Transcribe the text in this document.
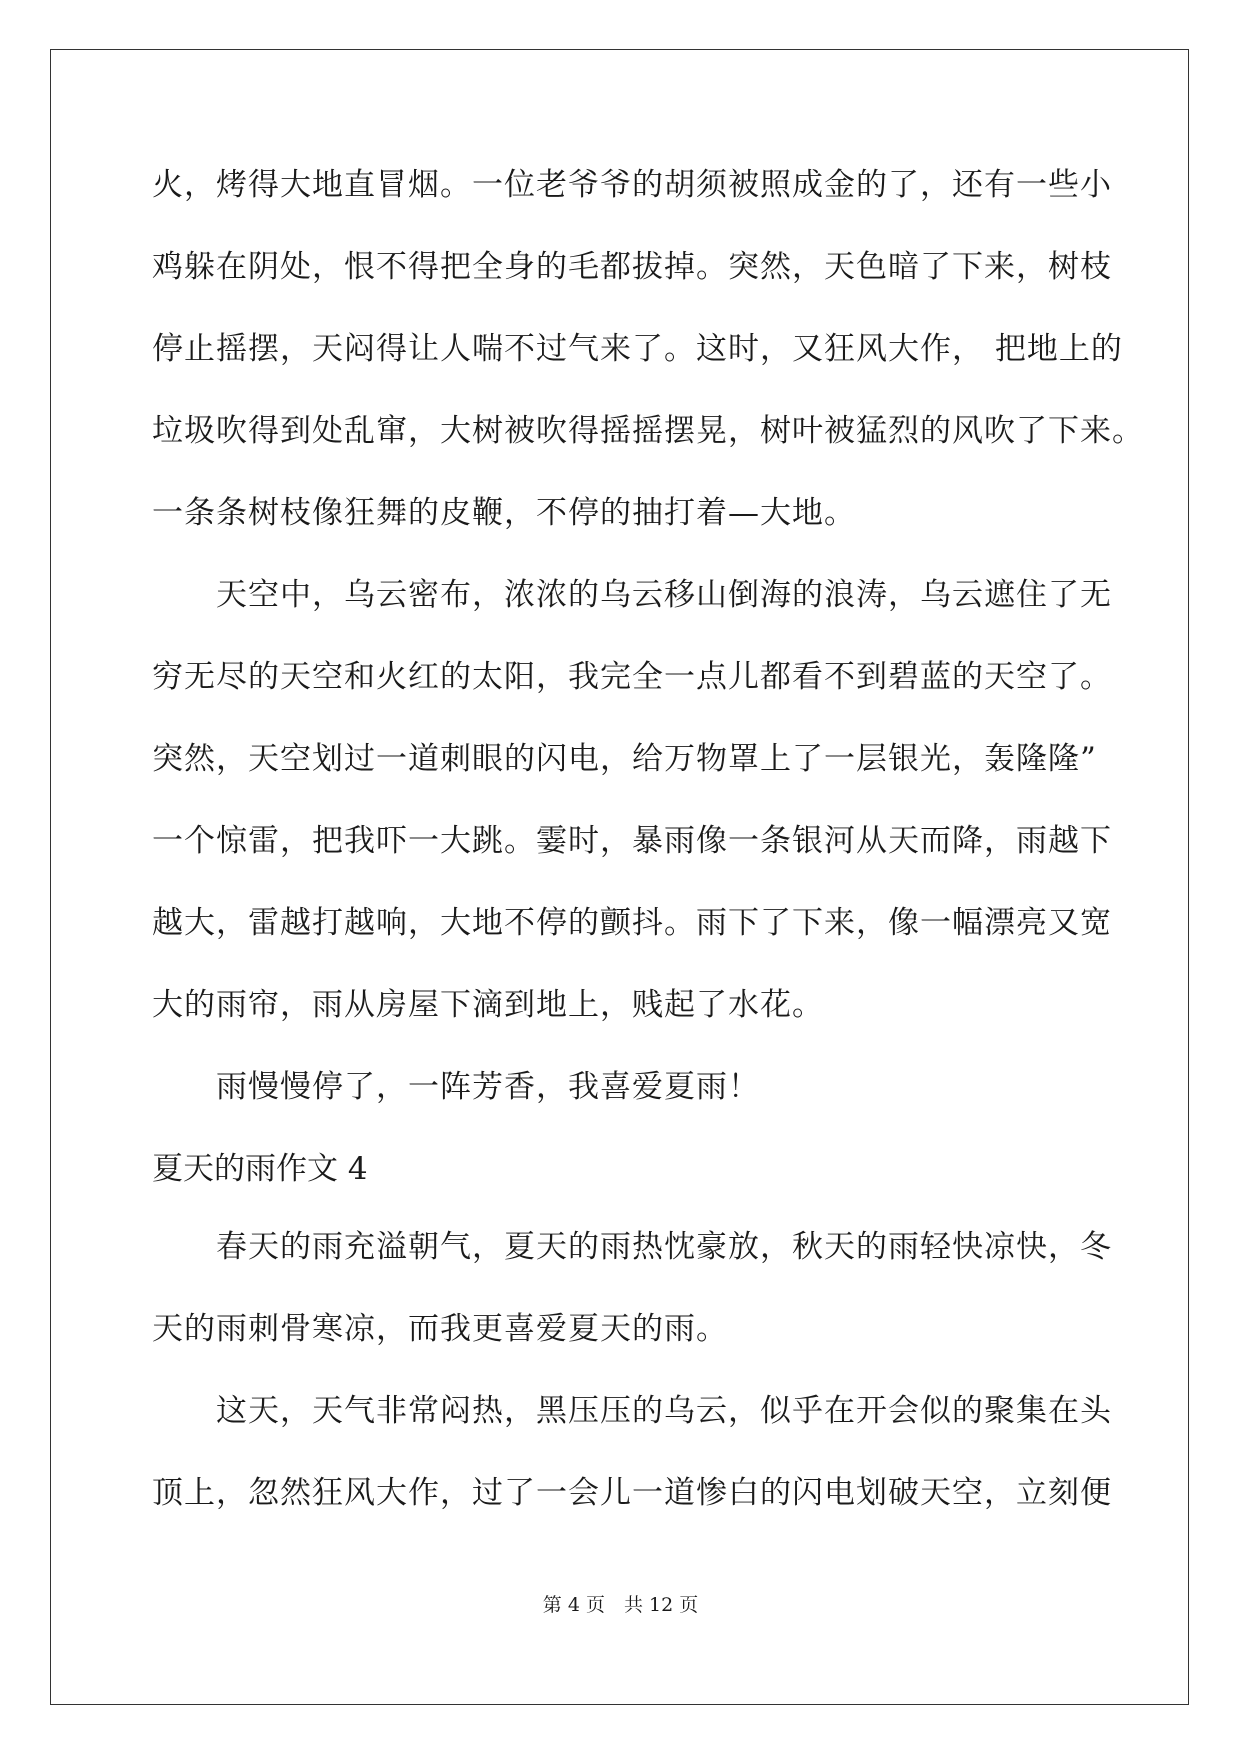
火，烤得大地直冒烟。一位老爷爷的胡须被照成金的了，还有一些小
鸡躲在阴处，恨不得把全身的毛都拔掉。突然，天色暗了下来，树枝
停止摇摆，天闷得让人喘不过气来了。这时，又狂风大作， 把地上的
垃圾吹得到处乱窜，大树被吹得摇摇摆晃，树叶被猛烈的风吹了下来。
一条条树枝像狂舞的皮鞭，不停的抽打着—大地。
天空中，乌云密布，浓浓的乌云移山倒海的浪涛，乌云遮住了无
穷无尽的天空和火红的太阳，我完全一点儿都看不到碧蓝的天空了。
突然，天空划过一道刺眼的闪电，给万物罩上了一层银光，轰隆隆”
一个惊雷，把我吓一大跳。霎时，暴雨像一条银河从天而降，雨越下
越大，雷越打越响，大地不停的颤抖。雨下了下来，像一幅漂亮又宽
大的雨帘，雨从房屋下滴到地上，贱起了水花。
雨慢慢停了，一阵芳香，我喜爱夏雨！
夏天的雨作文 4
春天的雨充溢朝气，夏天的雨热忱豪放，秋天的雨轻快凉快，冬
天的雨刺骨寒凉，而我更喜爱夏天的雨。
这天，天气非常闷热，黑压压的乌云，似乎在开会似的聚集在头
顶上，忽然狂风大作，过了一会儿一道惨白的闪电划破天空，立刻便
第 4 页　共 12 页
